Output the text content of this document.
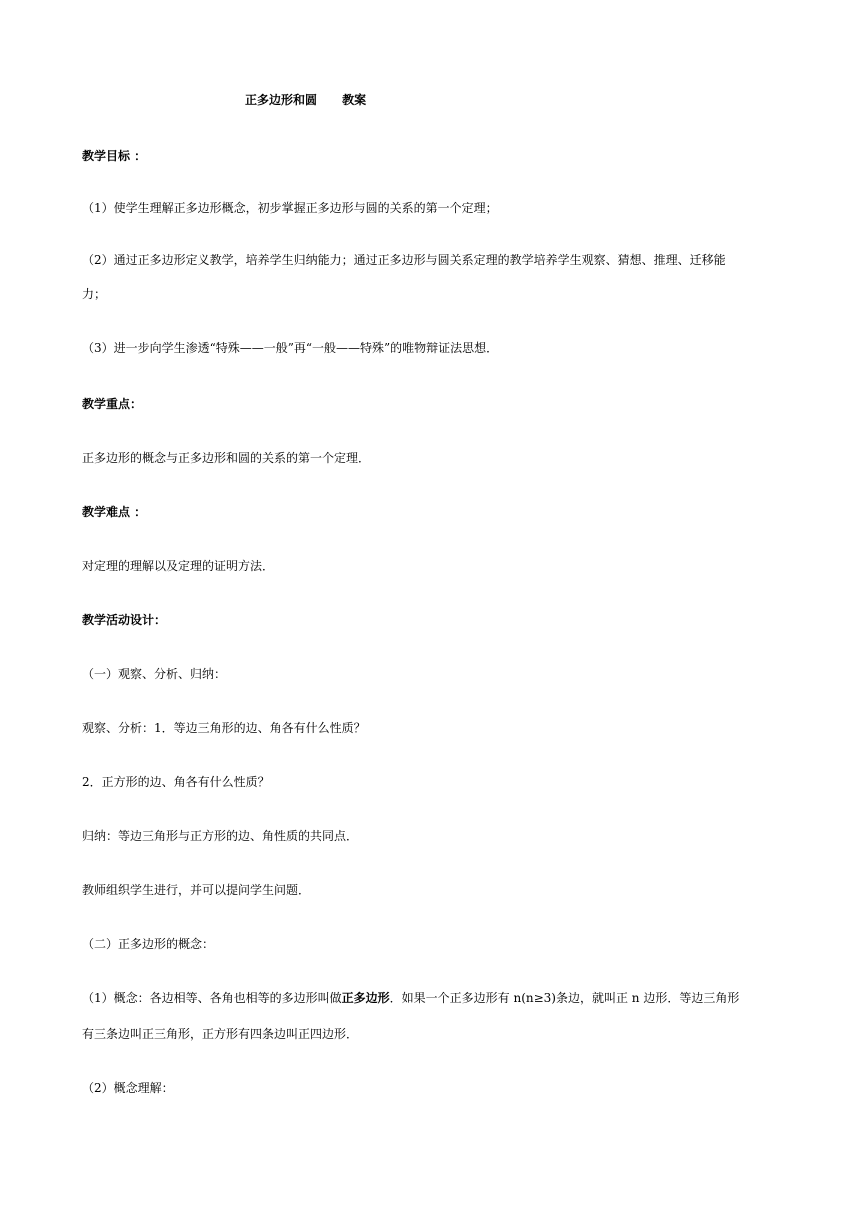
正多边形和圆      教案
教学目标 ：
（1）使学生理解正多边形概念，初步掌握正多边形与圆的关系的第一个定理；
（2）通过正多边形定义教学，培养学生归纳能力；通过正多边形与圆关系定理的教学培养学生观察、猜想、推理、迁移能
力；
（3）进一步向学生渗透“特殊——一般”再“一般——特殊”的唯物辩证法思想．
教学重点：
正多边形的概念与正多边形和圆的关系的第一个定理．
教学难点 ：
对定理的理解以及定理的证明方法．
教学活动设计：
（一）观察、分析、归纳：
观察、分析：1．等边三角形的边、角各有什么性质？
2．正方形的边、角各有什么性质？
归纳：等边三角形与正方形的边、角性质的共同点．
教师组织学生进行，并可以提问学生问题．
（二）正多边形的概念：
（1）概念：各边相等、各角也相等的多边形叫做正多边形．如果一个正多边形有 n(n≥3)条边，就叫正 n 边形．等边三角形
有三条边叫正三角形，正方形有四条边叫正四边形．
（2）概念理解：
